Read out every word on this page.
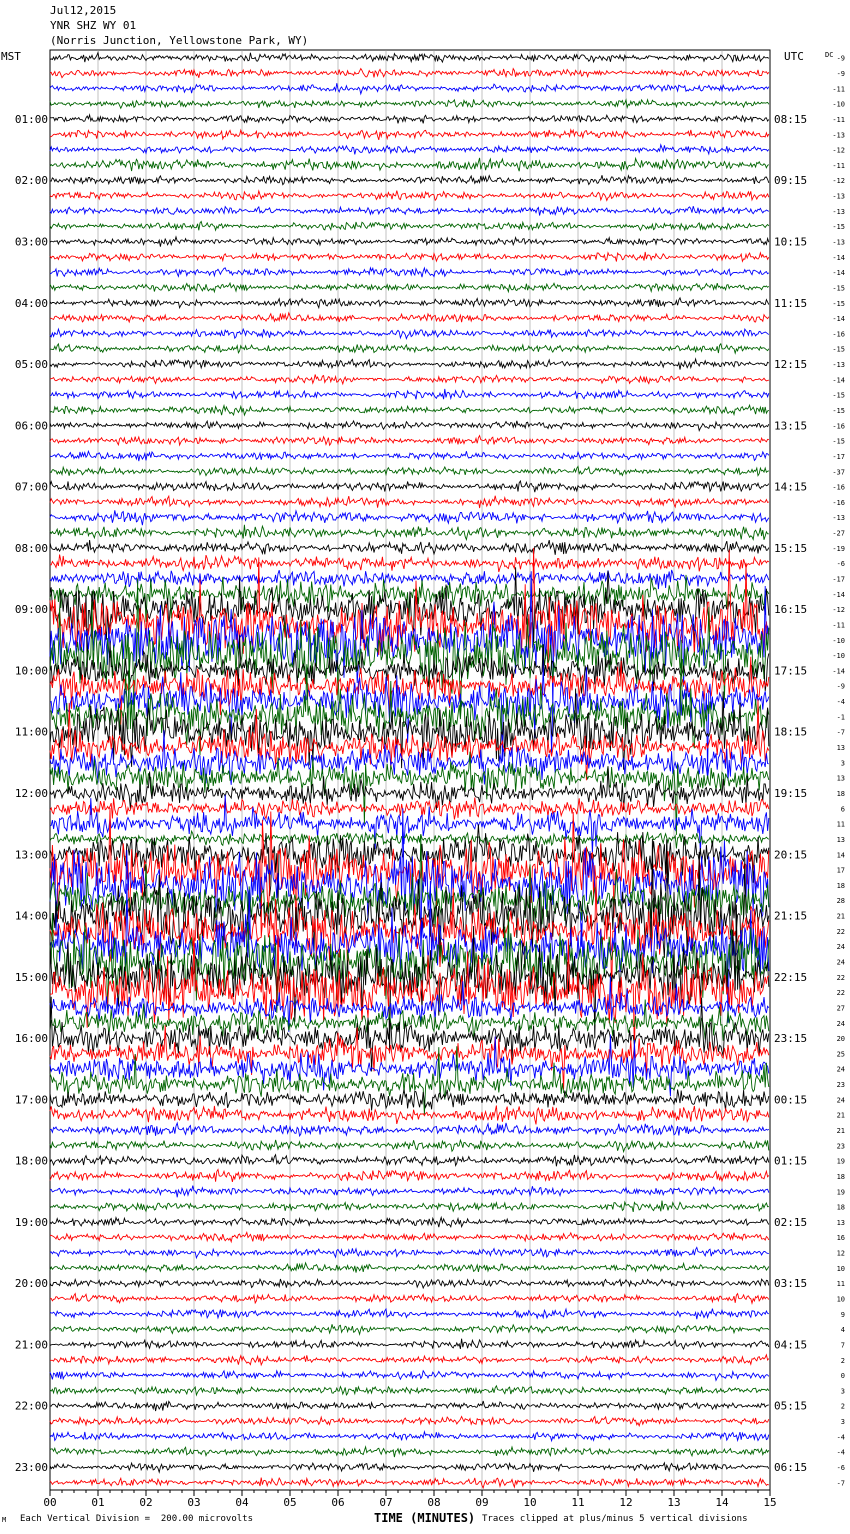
Jul12,2015
YNR SHZ WY 01
(Norris Junction, Yellowstone Park, WY)
MST	UTC	DC
00	01	02	03	04	05	06	07	08	09	10	11	12	13	14	15
-9
-9
-11
-10
-11
-13
-12
-11
-12
-13
-13
-15
-13
-14
-14
-15
-15
-14
-16
-15
-13
-14
-15
-15
-16
-15
-17
-37
-16
-16
-13
-27
-19
-6
-17
-14
-12
-11
-10
-10
-14
-9
-4
-1
-7
13
3
13
18
6
11
13
14
17
18
28
21
22
24
24
22
22
27
24
20
25
24
23
24
21
21
23
19
18
19
18
13
16
12
10
11
10
9
4
7
2
0
3
2
3
-4
-4
-6
-7
01:00	08:15
02:00	09:15
03:00	10:15
04:00	11:15
05:00	12:15
06:00	13:15
07:00	14:15
08:00	15:15
09:00	16:15
10:00	17:15
11:00	18:15
12:00	19:15
13:00	20:15
14:00	21:15
15:00	22:15
16:00	23:15
17:00	00:15
18:00	01:15
19:00	02:15
20:00	03:15
21:00	04:15
22:00	05:15
23:00	06:15
M Each Vertical Division =  200.00 microvolts	TIME (MINUTES) Traces clipped at plus/minus 5 vertical divisions
